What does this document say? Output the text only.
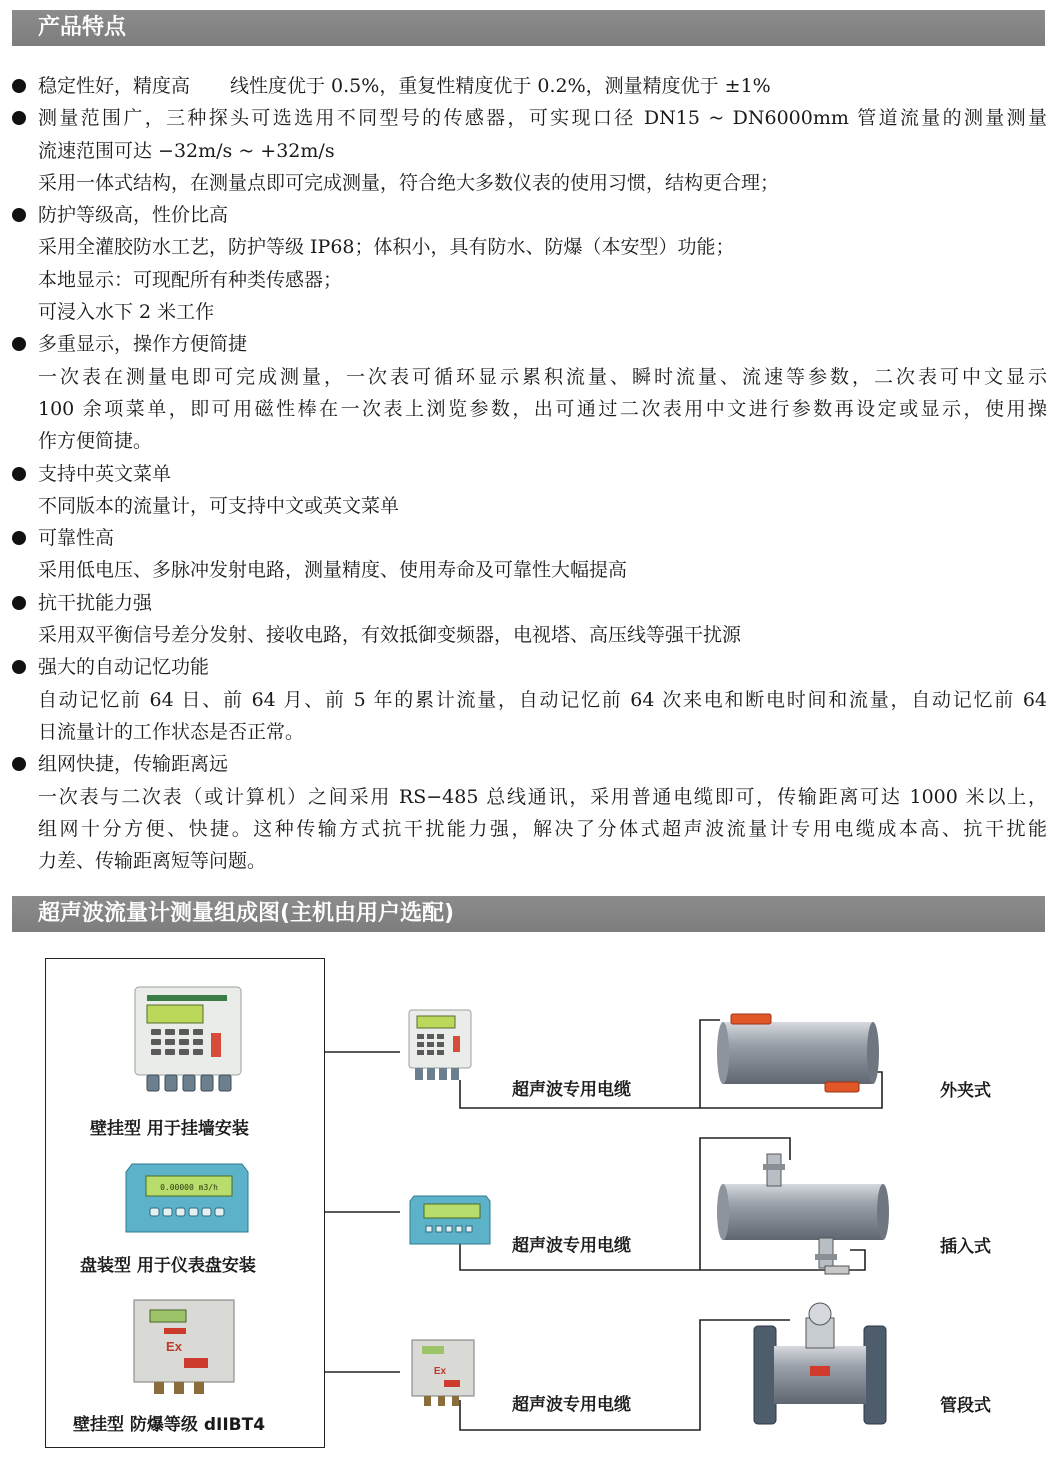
产品特点
稳定性好，精度高 线性度优于 0.5%，重复性精度优于 0.2%，测量精度优于 ±1%
测量范围广，三种探头可选选用不同型号的传感器，可实现口径 DN15 ~ DN6000mm 管道流量的测量测量
流速范围可达 −32m/s ~ +32m/s
采用一体式结构，在测量点即可完成测量，符合绝大多数仪表的使用习惯，结构更合理；
防护等级高，性价比高
采用全灌胶防水工艺，防护等级 IP68；体积小，具有防水、防爆（本安型）功能；
本地显示：可现配所有种类传感器；
可浸入水下 2 米工作
多重显示，操作方便简捷
一次表在测量电即可完成测量，一次表可循环显示累积流量、瞬时流量、流速等参数，二次表可中文显示
100 余项菜单，即可用磁性棒在一次表上浏览参数，出可通过二次表用中文进行参数再设定或显示，使用操
作方便简捷。
支持中英文菜单
不同版本的流量计，可支持中文或英文菜单
可靠性高
采用低电压、多脉冲发射电路，测量精度、使用寿命及可靠性大幅提高
抗干扰能力强
采用双平衡信号差分发射、接收电路，有效抵御变频器，电视塔、高压线等强干扰源
强大的自动记忆功能
自动记忆前 64 日、前 64 月、前 5 年的累计流量，自动记忆前 64 次来电和断电时间和流量，自动记忆前 64
日流量计的工作状态是否正常。
组网快捷，传输距离远
一次表与二次表（或计算机）之间采用 RS−485 总线通讯，采用普通电缆即可，传输距离可达 1000 米以上，
组网十分方便、快捷。这种传输方式抗干扰能力强，解决了分体式超声波流量计专用电缆成本高、抗干扰能
力差、传输距离短等问题。
超声波流量计测量组成图(主机由用户选配)
壁挂型 用于挂墙安装
0.00000 m3/h
盘装型 用于仪表盘安装
Ex
壁挂型 防爆等级 dIIBT4
Ex
超声波专用电缆
超声波专用电缆
超声波专用电缆
外夹式
插入式
管段式
